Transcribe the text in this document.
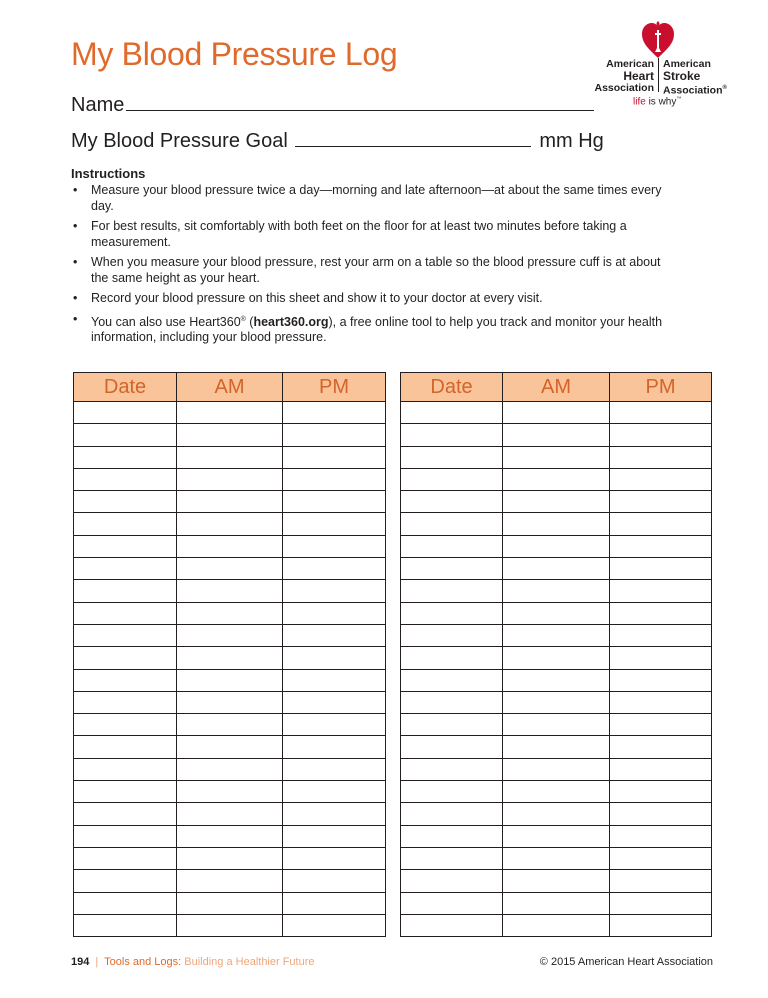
My Blood Pressure Log
Name
My Blood Pressure Goal	mm Hg
American
Heart
Association
American
Stroke
Association®
life is why™
Instructions
• Measure your blood pressure twice a day—morning and late afternoon—at about the same times every day.
• For best results, sit comfortably with both feet on the floor for at least two minutes before taking a measurement.
• When you measure your blood pressure, rest your arm on a table so the blood pressure cuff is at about the same height as your heart.
• Record your blood pressure on this sheet and show it to your doctor at every visit.
• You can also use Heart360® (heart360.org), a free online tool to help you track and monitor your health information, including your blood pressure.
Date	AM	PM

			Date	AM	PM

194 | Tools and Logs: Building a Healthier Future	© 2015 American Heart Association
